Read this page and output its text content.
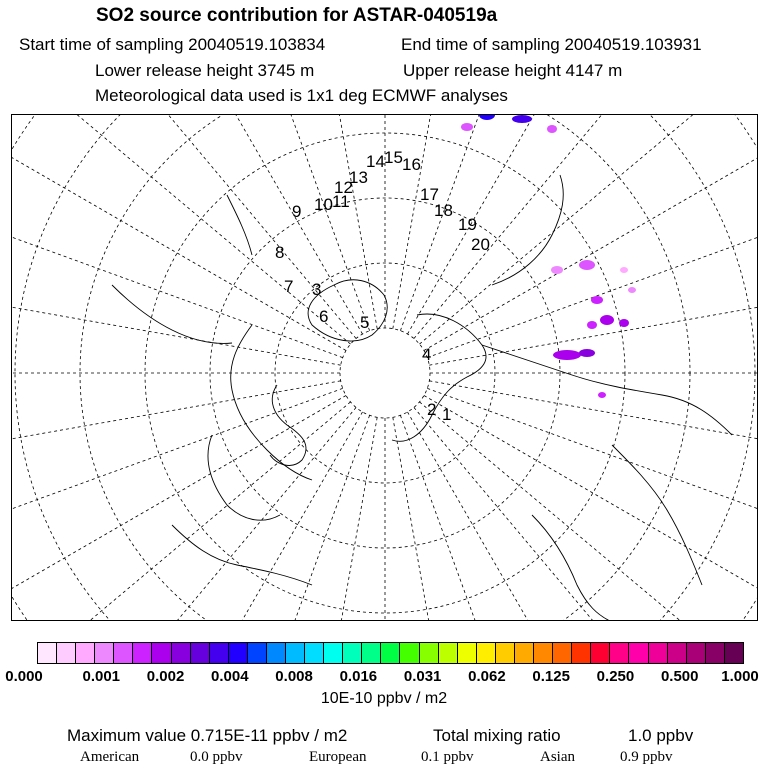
SO2 source contribution for ASTAR-040519a
Start time of sampling 20040519.103834	End time of sampling 20040519.103931
Lower release height 3745 m	Upper release height 4147 m
Meteorological data used is 1x1 deg ECMWF analyses
1
2
3
4
5
6
7
8
9 10 11
12
13
14 15 16
17
18
19
20
0.000	0.001 0.002 0.004 0.008 0.016 0.031 0.062 0.125 0.250 0.500 1.000
10E-10 ppbv / m2
Maximum value 0.715E-11 ppbv / m2	Total mixing ratio	1.0 ppbv
American	0.0 ppbv	European	0.1 ppbv	Asian	0.9 ppbv
